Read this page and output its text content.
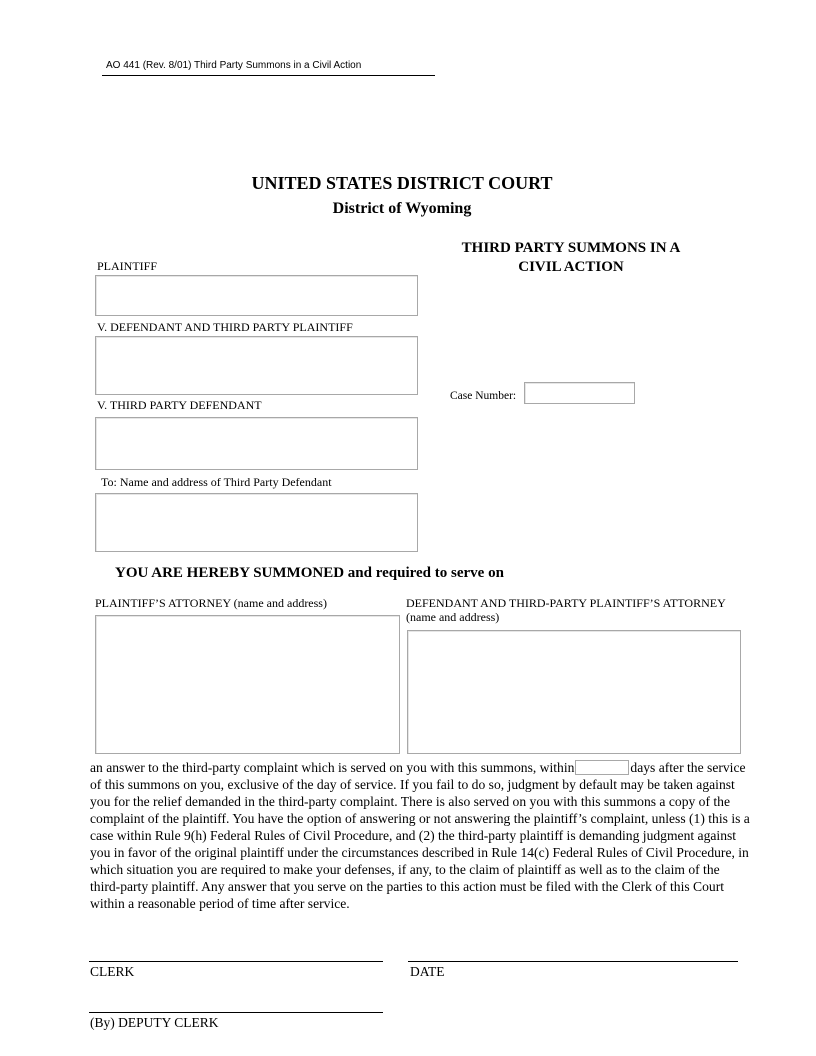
AO 441 (Rev. 8/01) Third Party Summons in a Civil Action
UNITED STATES DISTRICT COURT
District of Wyoming
THIRD PARTY SUMMONS IN A
CIVIL ACTION
PLAINTIFF
V. DEFENDANT AND THIRD PARTY PLAINTIFF
V. THIRD PARTY DEFENDANT
To: Name and address of Third Party Defendant
Case Number:
YOU ARE HEREBY SUMMONED and required to serve on
PLAINTIFF’S ATTORNEY (name and address)	DEFENDANT AND THIRD-PARTY PLAINTIFF’S ATTORNEY
(name and address)
an answer to the third-party complaint which is served on you with this summons, within	days after the service of this summons on you, exclusive of the day of service. If you fail to do so, judgment by default may be taken against you for the relief demanded in the third-party complaint. There is also served on you with this summons a copy of the complaint of the plaintiff. You have the option of answering or not answering the plaintiff’s complaint, unless (1) this is a case within Rule 9(h) Federal Rules of Civil Procedure, and (2) the third-party plaintiff is demanding judgment against you in favor of the original plaintiff under the circumstances described in Rule 14(c) Federal Rules of Civil Procedure, in which situation you are required to make your defenses, if any, to the claim of plaintiff as well as to the claim of the third-party plaintiff. Any answer that you serve on the parties to this action must be filed with the Clerk of this Court within a reasonable period of time after service.
CLERK	DATE
(By) DEPUTY CLERK
